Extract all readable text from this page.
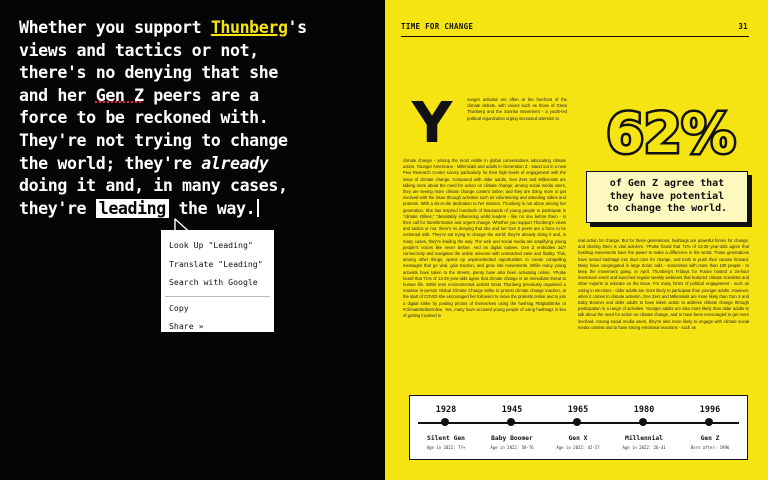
Whether you support Thunberg's
views and tactics or not,
there's no denying that she
and her Gen Z peers are a
force to be reckoned with.
They're not trying to change
the world; they're already
doing it and, in many cases,
they're leading the way.
Look Up "Leading"
Translate "Leading"
Search with Google
Copy
Share »
TIME FOR CHANGE	31
Y	ounger activists are often at the forefront of the climate debate, with voices such as those of Greta Thunberg and the Sunrise Movement - a youth-led political organization urging increased attention to
climate change - among the most visible in global conversations advocating climate action. Younger Americans - Millennials and adults in Generation Z - stand out in a new Pew Research Center survey particularly for their high levels of engagement with the issue of climate change. Compared with older adults, Gen Zers and Millennials are talking more about the need for action on climate change; among social media users, they are seeing more climate change content online; and they are doing more to get involved with the issue through activities such as volunteering and attending rallies and protests. With a do-or-die dedication to her mission, Thunberg is not alone among her generation. She has inspired hundreds of thousands of young people to participate in "climate strikes," "detestably influencing world leaders - like no one before them - in their call for transformative and urgent change. Whether you support Thunberg's views and tactics or not, there's no denying that she and her Gen Z peers are a force to be reckoned with. They're not trying to change the world; they're already doing it and, in many cases, they're leading the way. The web and social media are amplifying young people's voices like never before. And as digital natives, Gen Z embodies 24/7 connectivity and navigates the online universe with unmatched ease and fluidity. This, among other things, opens up unprecedented opportunities to create compelling messages that go viral, gain traction, and grow into movements. While many young activists have taken to the streets, plenty have also been activating online. YPulse found that 71% of 13-29 year-olds agree that climate change is an immediate threat to human life. While teen environmental activist Greta Thunberg previously organized a massive in-person Global Climate Change strike to protest climate change inaction, at the start of COVID she encouraged her followers to move the protests online and to join a digital strike by posting photos of themselves using the hashtag #DigitalStrike or #ClimateStrikeOnline. Yes, many have accused young people of using hashtags in lieu of getting involved in
62%
of Gen Z agree that
they have potential
to change the world.
real action for change. But for these generations, hashtags are powerful forces for change, and sharing them is vital activism. YPulse found that 72% of 13-39 year-olds agree that hashtag movements have the power to make a difference in the world. Those generations have turned hashtags into loud cries for change, and tools to push their causes forward. Many have congregated in large Zoom calls - sometimes with more than 100 people - to keep the movement going. In April, Thunberg's Fridays for Future hosted a 24-hour livestream event and launched regular weekly webinars that featured climate scientists and other experts to educate on the issue. For many forms of political engagement - such as voting in elections - older adults are more likely to participate than younger adults. However, when it comes to climate activism, Gen Zers and Millennials are more likely than Gen X and Baby Boomer and older adults to have taken action to address climate change through participation in a range of activities. Younger adults are also more likely than older adults to talk about the need for action on climate change, and to have been encouraged to get more involved. Among social media users, they're also more likely to engage with climate social media content and to have strong emotional reactions - such as
1928
Silent Gen
Age in 2022: 77+
1945
Baby Boomer
Age in 2022: 58-76
1965
Gen X
Age in 2022: 42-57
1980
Millennial
Age in 2022: 26-41
1996
Gen Z
Born after: 1996
